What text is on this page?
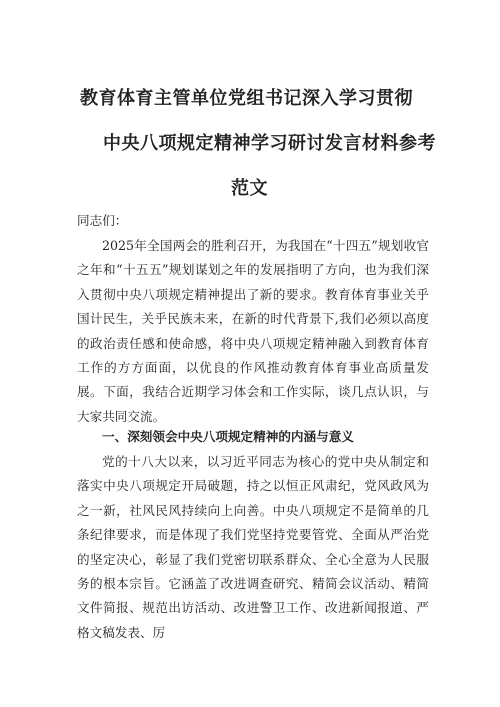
教育体育主管单位党组书记深入学习贯彻
中央八项规定精神学习研讨发言材料参考
范文
同志们：
2025年全国两会的胜利召开，为我国在“十四五”规划收官之年和“十五五”规划谋划之年的发展指明了方向，也为我们深入贯彻中央八项规定精神提出了新的要求。教育体育事业关乎国计民生，关乎民族未来，在新的时代背景下,我们必须以高度的政治责任感和使命感，将中央八项规定精神融入到教育体育工作的方方面面，以优良的作风推动教育体育事业高质量发展。下面，我结合近期学习体会和工作实际，谈几点认识，与大家共同交流。
一、深刻领会中央八项规定精神的内涵与意义
党的十八大以来，以习近平同志为核心的党中央从制定和落实中央八项规定开局破题，持之以恒正风肃纪，党风政风为之一新，社风民风持续向上向善。中央八项规定不是简单的几条纪律要求，而是体现了我们党坚持党要管党、全面从严治党的坚定决心，彰显了我们党密切联系群众、全心全意为人民服务的根本宗旨。它涵盖了改进调查研究、精简会议活动、精简文件简报、规范出访活动、改进警卫工作、改进新闻报道、严格文稿发表、厉
